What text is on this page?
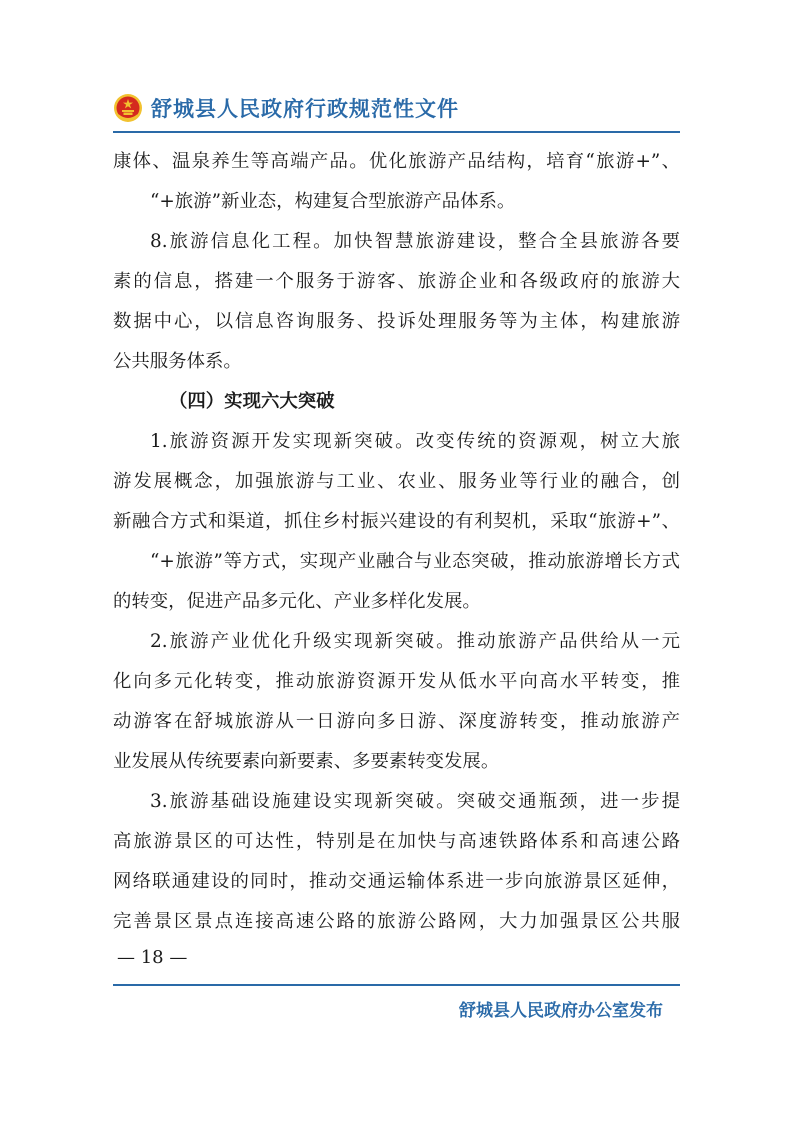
舒城县人民政府行政规范性文件
康体、温泉养生等高端产品。优化旅游产品结构，培育“旅游+”、
“+旅游”新业态，构建复合型旅游产品体系。
8.旅游信息化工程。加快智慧旅游建设，整合全县旅游各要
素的信息，搭建一个服务于游客、旅游企业和各级政府的旅游大
数据中心，以信息咨询服务、投诉处理服务等为主体，构建旅游
公共服务体系。
（四）实现六大突破
1.旅游资源开发实现新突破。改变传统的资源观，树立大旅
游发展概念，加强旅游与工业、农业、服务业等行业的融合，创
新融合方式和渠道，抓住乡村振兴建设的有利契机，采取“旅游+”、
“+旅游”等方式，实现产业融合与业态突破，推动旅游增长方式
的转变，促进产品多元化、产业多样化发展。
2.旅游产业优化升级实现新突破。推动旅游产品供给从一元
化向多元化转变，推动旅游资源开发从低水平向高水平转变，推
动游客在舒城旅游从一日游向多日游、深度游转变，推动旅游产
业发展从传统要素向新要素、多要素转变发展。
3.旅游基础设施建设实现新突破。突破交通瓶颈，进一步提
高旅游景区的可达性，特别是在加快与高速铁路体系和高速公路
网络联通建设的同时，推动交通运输体系进一步向旅游景区延伸，
完善景区景点连接高速公路的旅游公路网，大力加强景区公共服
— 18 —
舒城县人民政府办公室发布
